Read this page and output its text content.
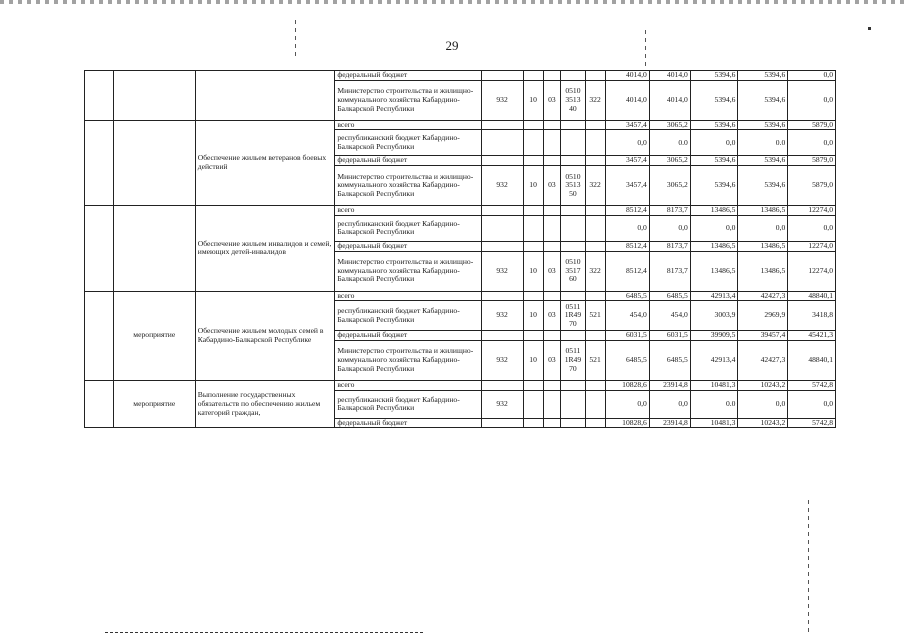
29
			федеральный бюджет						4014,0	4014,0	5394,6	5394,6	0,0
			Министерство строительства и жилищно-коммунального хозяйства Кабардино-Балкарской Республики	932	10	03	0510 3513 40	322	4014,0	4014,0	5394,6	5394,6	0,0
		Обеспечение жильем ветеранов боевых действий	всего						3457,4	3065,2	5394,6	5394,6	5879,0
			республиканский бюджет Кабардино- Балкарской Республики						0,0	0.0	0,0	0.0	0,0
			федеральный бюджет						3457,4	3065,2	5394,6	5394,6	5879,0
			Министерство строительства и жилищно-коммунального хозяйства Кабардино-Балкарской Республики	932	10	03	0510 3513 50	322	3457,4	3065,2	5394,6	5394,6	5879,0
		Обеспечение жильем инвалидов и семей, имеющих детей-инвалидов	всего						8512,4	8173,7	13486,5	13486,5	12274,0
			республиканский бюджет Кабардино- Балкарской Республики						0,0	0,0	0,0	0,0	0,0
			федеральный бюджет						8512,4	8173,7	13486,5	13486,5	12274,0
			Министерство строительства и жилищно-коммунального хозяйства Кабардино-Балкарской Республики	932	10	03	0510 3517 60	322	8512,4	8173,7	13486,5	13486,5	12274,0
	мероприятие	Обеспечение жильем молодых семей в Кабардино-Балкарской Республике	всего						6485,5	6485,5	42913,4	42427,3	48840,1
			республиканский бюджет Кабардино- Балкарской Республики	932	10	03	0511 1R49 70	521	454,0	454,0	3003,9	2969,9	3418,8
			федеральный бюджет						6031,5	6031,5	39909,5	39457,4	45421,3
			Министерство строительства и жилищно-коммунального хозяйства Кабардино-Балкарской Республики	932	10	03	0511 1R49 70	521	6485,5	6485,5	42913,4	42427,3	48840,1
	мероприятие	Выполнение государственных обязательств по обеспечению жильем категорий граждан,	всего						10828,6	23914,8	10481,3	10243,2	5742,8
			республиканский бюджет Кабардино- Балкарской Республики	932					0,0	0,0	0.0	0,0	0,0
			федеральный бюджет						10828,6	23914,8	10481,3	10243,2	5742,8
